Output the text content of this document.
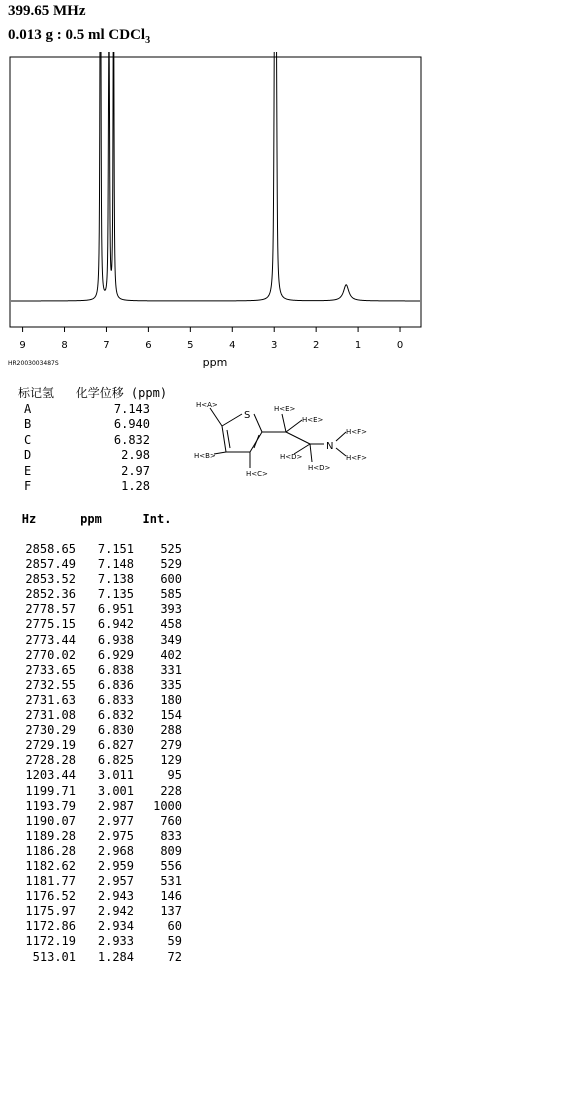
399.65 MHz
0.013 g : 0.5 ml CDCl$_3$
9	8	7	6	5	4	3	2	1	0
ppm
HR2003003487S
标记氢 化学位移 (ppm)
A	7.143
B	6.940
C	6.832
D	2.98
E	2.97
F	1.28
S
N
H<A>
H<B>
H<C>
H<E>
H<E>
H<D>
H<D>
H<F>
H<F>
Hz	ppm	Int.
2858.65	7.151	525
2857.49	7.148	529
2853.52	7.138	600
2852.36	7.135	585
2778.57	6.951	393
2775.15	6.942	458
2773.44	6.938	349
2770.02	6.929	402
2733.65	6.838	331
2732.55	6.836	335
2731.63	6.833	180
2731.08	6.832	154
2730.29	6.830	288
2729.19	6.827	279
2728.28	6.825	129
1203.44	3.011	95
1199.71	3.001	228
1193.79	2.987	1000
1190.07	2.977	760
1189.28	2.975	833
1186.28	2.968	809
1182.62	2.959	556
1181.77	2.957	531
1176.52	2.943	146
1175.97	2.942	137
1172.86	2.934	60
1172.19	2.933	59
513.01	1.284	72
